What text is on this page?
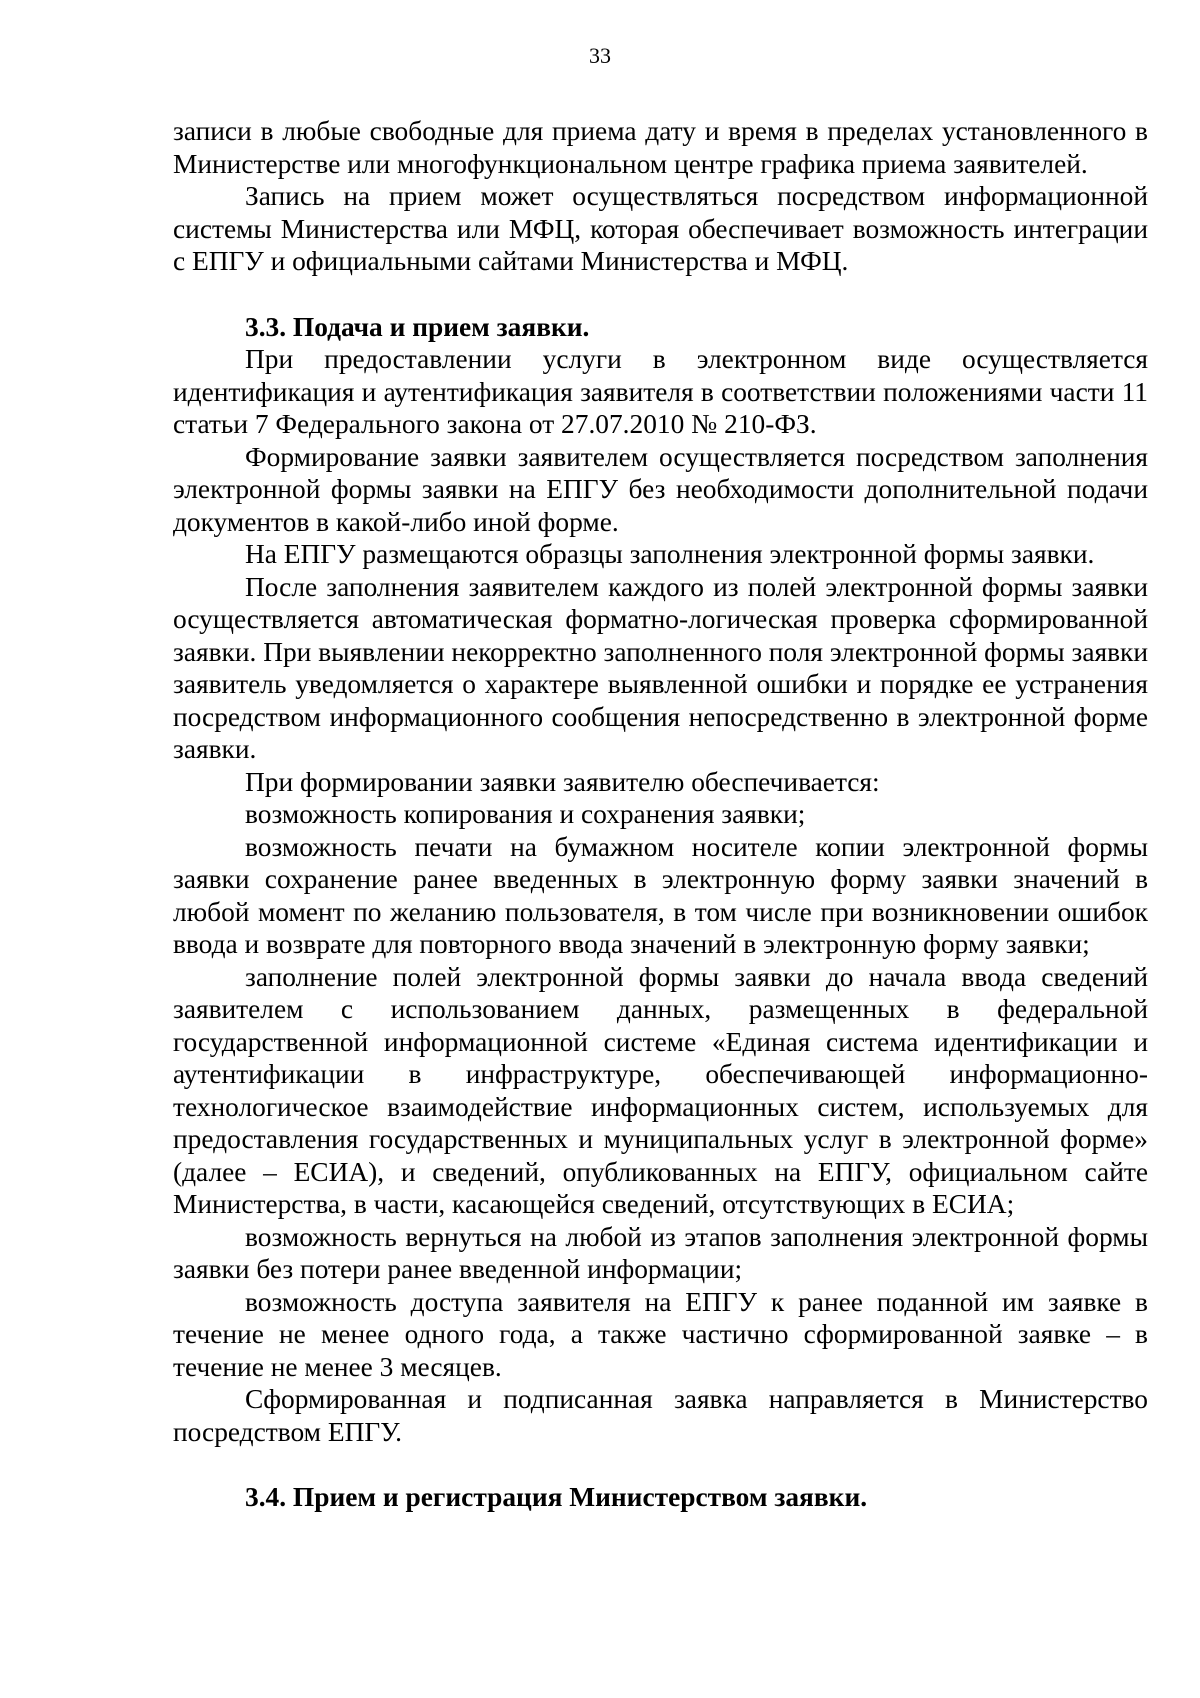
33

записи в любые свободные для приема дату и время в пределах установленного в Министерстве или многофункциональном центре графика приема заявителей.

Запись на прием может осуществляться посредством информационной системы Министерства или МФЦ, которая обеспечивает возможность интеграции с ЕПГУ и официальными сайтами Министерства и МФЦ.

3.3. Подача и прием заявки.

При предоставлении услуги в электронном виде осуществляется идентификация и аутентификация заявителя в соответствии положениями части 11 статьи 7 Федерального закона от 27.07.2010 № 210-ФЗ.

Формирование заявки заявителем осуществляется посредством заполнения электронной формы заявки на ЕПГУ без необходимости дополнительной подачи документов в какой-либо иной форме.

На ЕПГУ размещаются образцы заполнения электронной формы заявки.

После заполнения заявителем каждого из полей электронной формы заявки осуществляется автоматическая форматно-логическая проверка сформированной заявки. При выявлении некорректно заполненного поля электронной формы заявки заявитель уведомляется о характере выявленной ошибки и порядке ее устранения посредством информационного сообщения непосредственно в электронной форме заявки.

При формировании заявки заявителю обеспечивается:

возможность копирования и сохранения заявки;

возможность печати на бумажном носителе копии электронной формы заявки сохранение ранее введенных в электронную форму заявки значений в любой момент по желанию пользователя, в том числе при возникновении ошибок ввода и возврате для повторного ввода значений в электронную форму заявки;

заполнение полей электронной формы заявки до начала ввода сведений заявителем с использованием данных, размещенных в федеральной государственной информационной системе «Единая система идентификации и аутентификации в инфраструктуре, обеспечивающей информационно-технологическое взаимодействие информационных систем, используемых для предоставления государственных и муниципальных услуг в электронной форме» (далее – ЕСИА), и сведений, опубликованных на ЕПГУ, официальном сайте Министерства, в части, касающейся сведений, отсутствующих в ЕСИА;

возможность вернуться на любой из этапов заполнения электронной формы заявки без потери ранее введенной информации;

возможность доступа заявителя на ЕПГУ к ранее поданной им заявке в течение не менее одного года, а также частично сформированной заявке – в течение не менее 3 месяцев.

Сформированная и подписанная заявка направляется в Министерство посредством ЕПГУ.

3.4. Прием и регистрация Министерством заявки.
